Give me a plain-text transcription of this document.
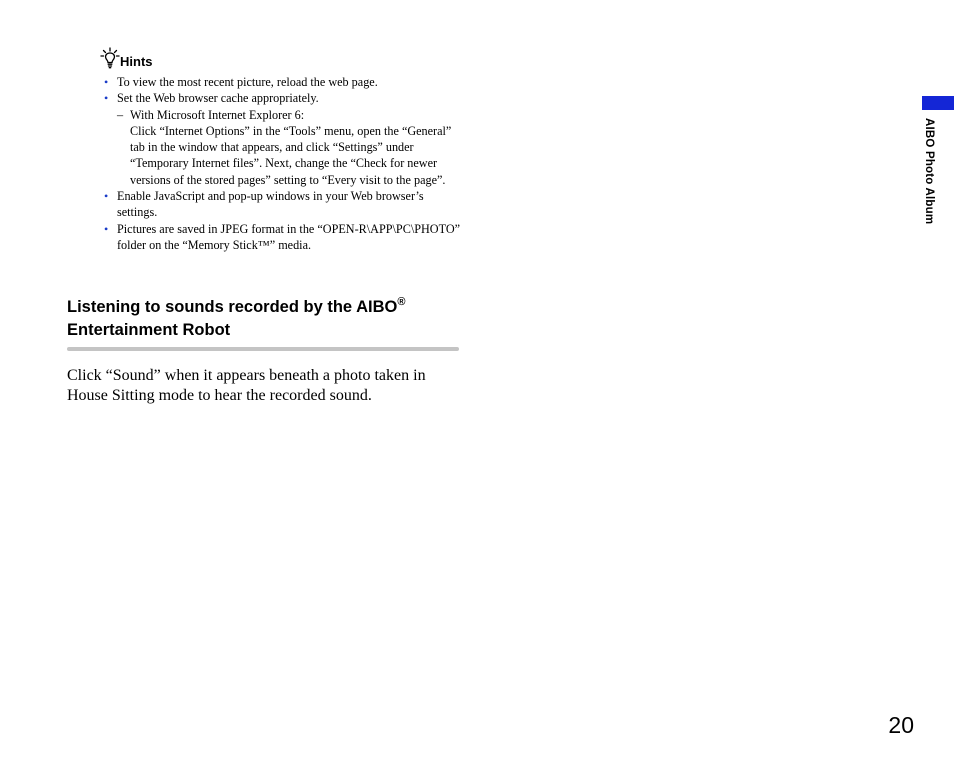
Hints
• To view the most recent picture, reload the web page.
• Set the Web browser cache appropriately.
– With Microsoft Internet Explorer 6:
Click “Internet Options” in the “Tools” menu, open the “General” tab in the window that appears, and click “Settings” under “Temporary Internet files”. Next, change the “Check for newer versions of the stored pages” setting to “Every visit to the page”.
• Enable JavaScript and pop-up windows in your Web browser’s settings.
• Pictures are saved in JPEG format in the “OPEN-R\APP\PC\PHOTO” folder on the “Memory Stick™” media.
Listening to sounds recorded by the AIBO®
Entertainment Robot

Click “Sound” when it appears beneath a photo taken in House Sitting mode to hear the recorded sound.

AIBO Photo Album
20
